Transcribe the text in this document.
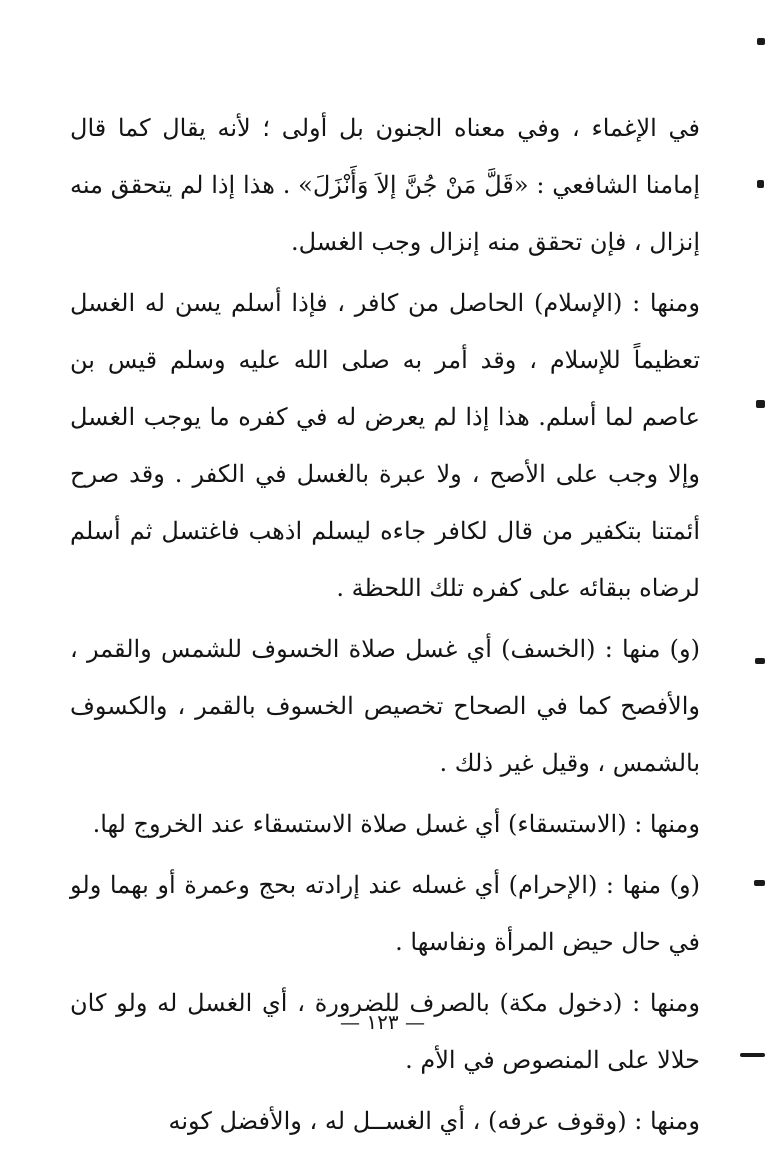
في الإغماء ، وفي معناه الجنون بل أولى ؛ لأنه يقال كما قال إمامنا الشافعي : «قَلَّ مَنْ جُنَّ إلاَ وَأَنْزَلَ» . هذا إذا لم يتحقق منه إنزال ، فإن تحقق منه إنزال وجب الغسل.

ومنها : (الإسلام) الحاصل من كافر ، فإذا أسلم يسن له الغسل تعظيماً للإسلام ، وقد أمر به صلى الله عليه وسلم قيس بن عاصم لما أسلم. هذا إذا لم يعرض له في كفره ما يوجب الغسل وإلا وجب على الأصح ، ولا عبرة بالغسل في الكفر . وقد صرح أئمتنا بتكفير من قال لكافر جاءه ليسلم اذهب فاغتسل ثم أسلم لرضاه ببقائه على كفره تلك اللحظة .

(و) منها : (الخسف) أي غسل صلاة الخسوف للشمس والقمر ، والأفصح كما في الصحاح تخصيص الخسوف بالقمر ، والكسوف بالشمس ، وقيل غير ذلك .

ومنها : (الاستسقاء) أي غسل صلاة الاستسقاء عند الخروج لها.

(و) منها : (الإحرام) أي غسله عند إرادته بحج وعمرة أو بهما ولو في حال حيض المرأة ونفاسها .

ومنها : (دخول مكة) بالصرف للضرورة ، أي الغسل له ولو كان حلالا على المنصوص في الأم .

ومنها : (وقوف عرفه) ، أي الغســل له ، والأفضل كونه

— ١٢٣ —
